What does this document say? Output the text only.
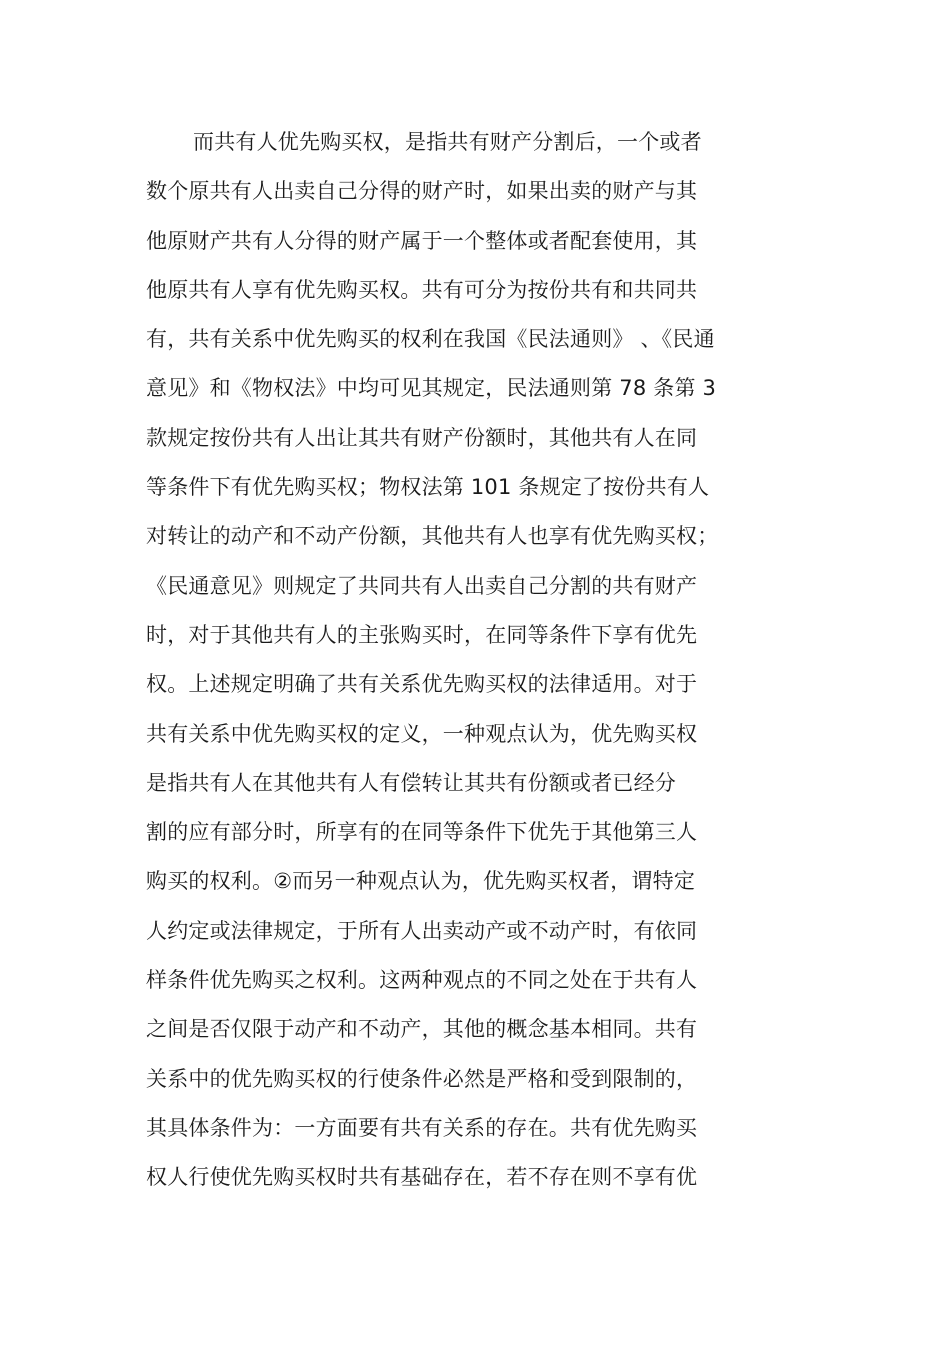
而共有人优先购买权，是指共有财产分割后，一个或者
数个原共有人出卖自己分得的财产时，如果出卖的财产与其
他原财产共有人分得的财产属于一个整体或者配套使用，其
他原共有人享有优先购买权。共有可分为按份共有和共同共
有，共有关系中优先购买的权利在我国《民法通则》 、《民通
意见》和《物权法》中均可见其规定，民法通则第 78 条第 3
款规定按份共有人出让其共有财产份额时，其他共有人在同
等条件下有优先购买权；物权法第 101 条规定了按份共有人
对转让的动产和不动产份额，其他共有人也享有优先购买权；
《民通意见》则规定了共同共有人出卖自己分割的共有财产
时，对于其他共有人的主张购买时，在同等条件下享有优先
权。上述规定明确了共有关系优先购买权的法律适用。对于
共有关系中优先购买权的定义，一种观点认为，优先购买权
是指共有人在其他共有人有偿转让其共有份额或者已经分
割的应有部分时，所享有的在同等条件下优先于其他第三人
购买的权利。②而另一种观点认为，优先购买权者，谓特定
人约定或法律规定，于所有人出卖动产或不动产时，有依同
样条件优先购买之权利。这两种观点的不同之处在于共有人
之间是否仅限于动产和不动产，其他的概念基本相同。共有
关系中的优先购买权的行使条件必然是严格和受到限制的，
其具体条件为：一方面要有共有关系的存在。共有优先购买
权人行使优先购买权时共有基础存在，若不存在则不享有优
